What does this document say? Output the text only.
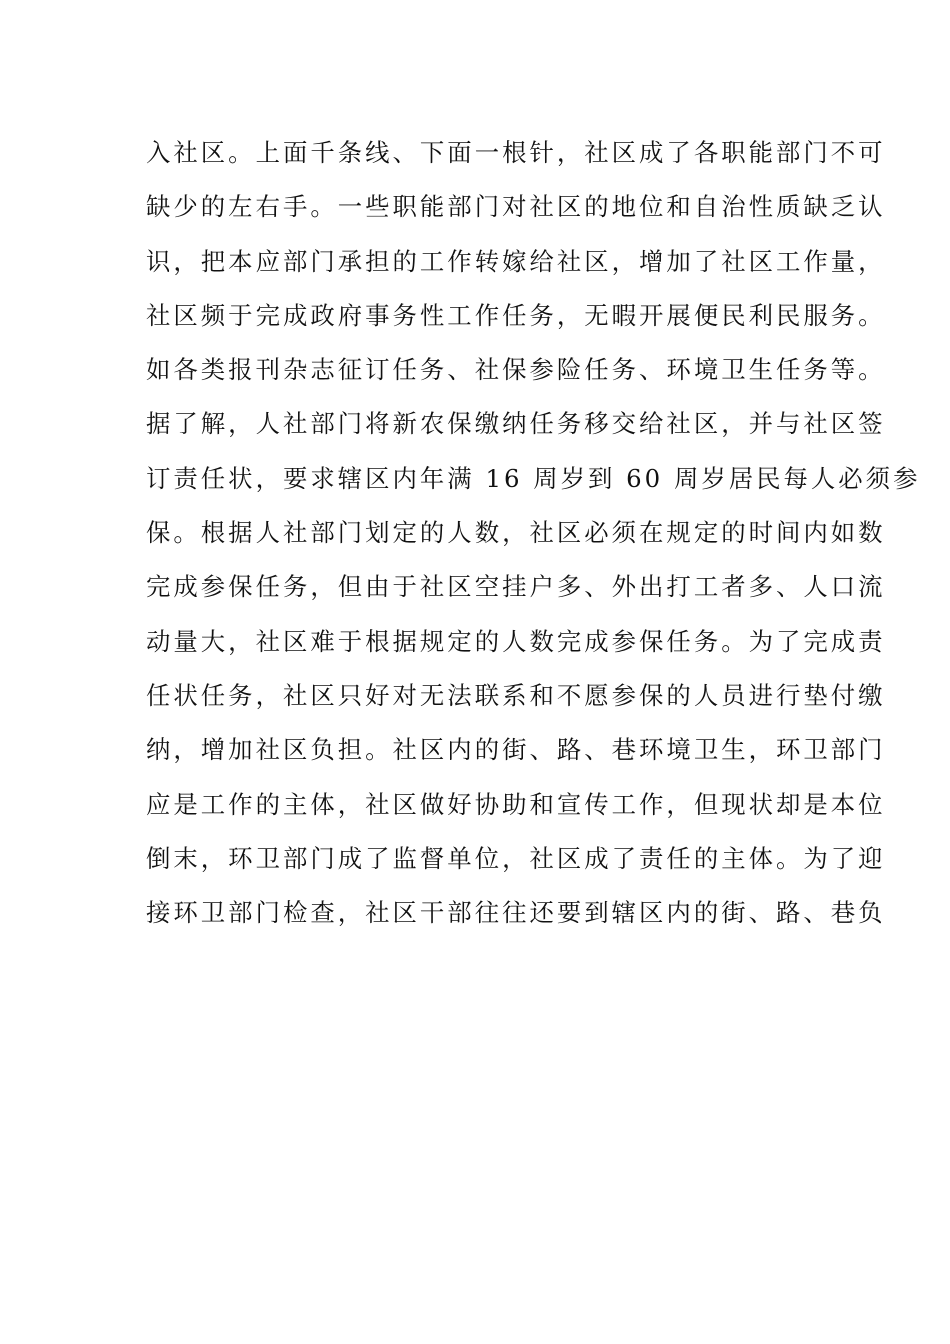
入社区。上面千条线、下面一根针，社区成了各职能部门不可
缺少的左右手。一些职能部门对社区的地位和自治性质缺乏认
识，把本应部门承担的工作转嫁给社区，增加了社区工作量，
社区频于完成政府事务性工作任务，无暇开展便民利民服务。
如各类报刊杂志征订任务、社保参险任务、环境卫生任务等。
据了解，人社部门将新农保缴纳任务移交给社区，并与社区签
订责任状，要求辖区内年满 16 周岁到 60 周岁居民每人必须参
保。根据人社部门划定的人数，社区必须在规定的时间内如数
完成参保任务，但由于社区空挂户多、外出打工者多、人口流
动量大，社区难于根据规定的人数完成参保任务。为了完成责
任状任务，社区只好对无法联系和不愿参保的人员进行垫付缴
纳，增加社区负担。社区内的街、路、巷环境卫生，环卫部门
应是工作的主体，社区做好协助和宣传工作，但现状却是本位
倒末，环卫部门成了监督单位，社区成了责任的主体。为了迎
接环卫部门检查，社区干部往往还要到辖区内的街、路、巷负
